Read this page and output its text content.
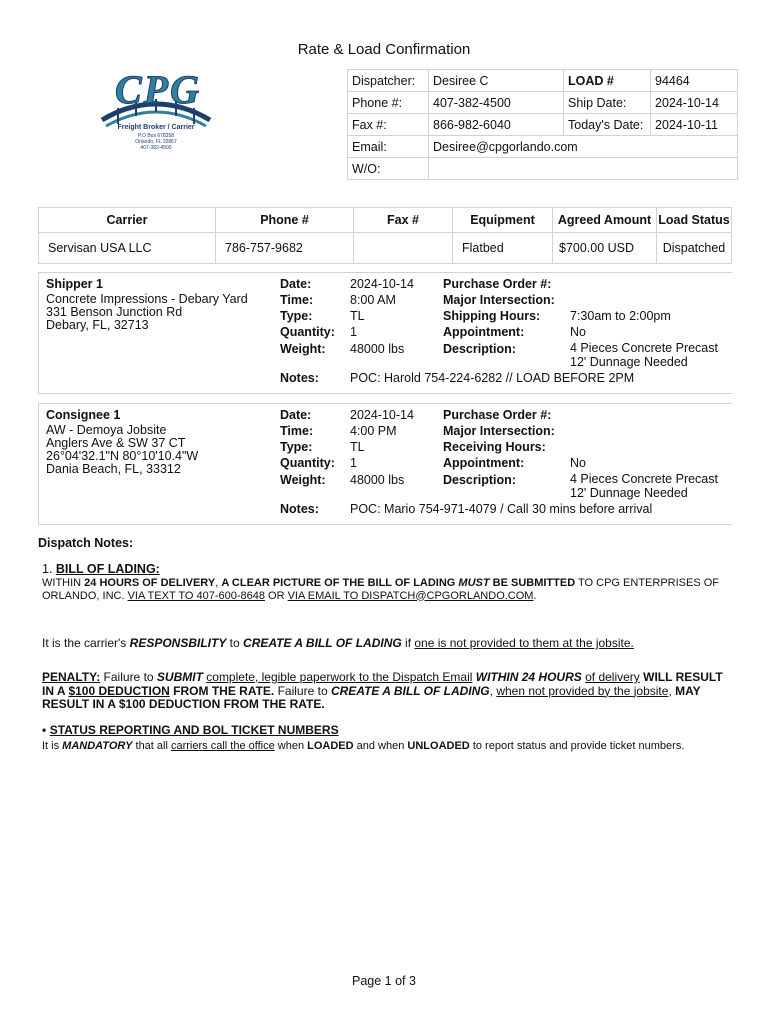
Rate & Load Confirmation
CPG
Freight Broker / Carrier
P.O Box 678358
Orlando, FL 32867
407-382-4500
Dispatcher:	Desiree C	LOAD #	94464
Phone #:	407-382-4500	Ship Date:	2024-10-14
Fax #:	866-982-6040	Today's Date:	2024-10-11
Email:	Desiree@cpgorlando.com		
W/O:			
Carrier	Phone #	Fax #	Equipment	Agreed Amount	Load Status
Servisan USA LLC	786-757-9682		Flatbed	$700.00 USD	Dispatched
Shipper 1
Concrete Impressions - Debary Yard
331 Benson Junction Rd
Debary, FL, 32713
Date:	2024-10-14
Time:	8:00 AM
Type:	TL
Quantity: 1
Weight: 48000 lbs
Notes: POC: Harold 754-224-6282 // LOAD BEFORE 2PM
Purchase Order #:
Major Intersection:
Shipping Hours: 7:30am to 2:00pm
Appointment:	No
Description:	4 Pieces Concrete Precast
12' Dunnage Needed
Consignee 1
AW - Demoya Jobsite
Anglers Ave & SW 37 CT
26°04'32.1"N 80°10'10.4"W
Dania Beach, FL, 33312
Date:	2024-10-14
Time:	4:00 PM
Type:	TL
Quantity: 1
Weight: 48000 lbs
Notes: POC: Mario 754-971-4079 / Call 30 mins before arrival
Purchase Order #:
Major Intersection:
Receiving Hours:
Appointment:	No
Description:	4 Pieces Concrete Precast
12' Dunnage Needed
Dispatch Notes:
1. BILL OF LADING:
WITHIN 24 HOURS OF DELIVERY, A CLEAR PICTURE OF THE BILL OF LADING MUST BE SUBMITTED TO CPG ENTERPRISES OF ORLANDO, INC. VIA TEXT TO 407-600-8648 OR VIA EMAIL TO DISPATCH@CPGORLANDO.COM.
It is the carrier's RESPONSBILITY to CREATE A BILL OF LADING if one is not provided to them at the jobsite.
PENALTY: Failure to SUBMIT complete, legible paperwork to the Dispatch Email WITHIN 24 HOURS of delivery WILL RESULT IN A $100 DEDUCTION FROM THE RATE. Failure to CREATE A BILL OF LADING, when not provided by the jobsite, MAY RESULT IN A $100 DEDUCTION FROM THE RATE.
• STATUS REPORTING AND BOL TICKET NUMBERS
It is MANDATORY that all carriers call the office when LOADED and when UNLOADED to report status and provide ticket numbers.
Page 1 of 3
